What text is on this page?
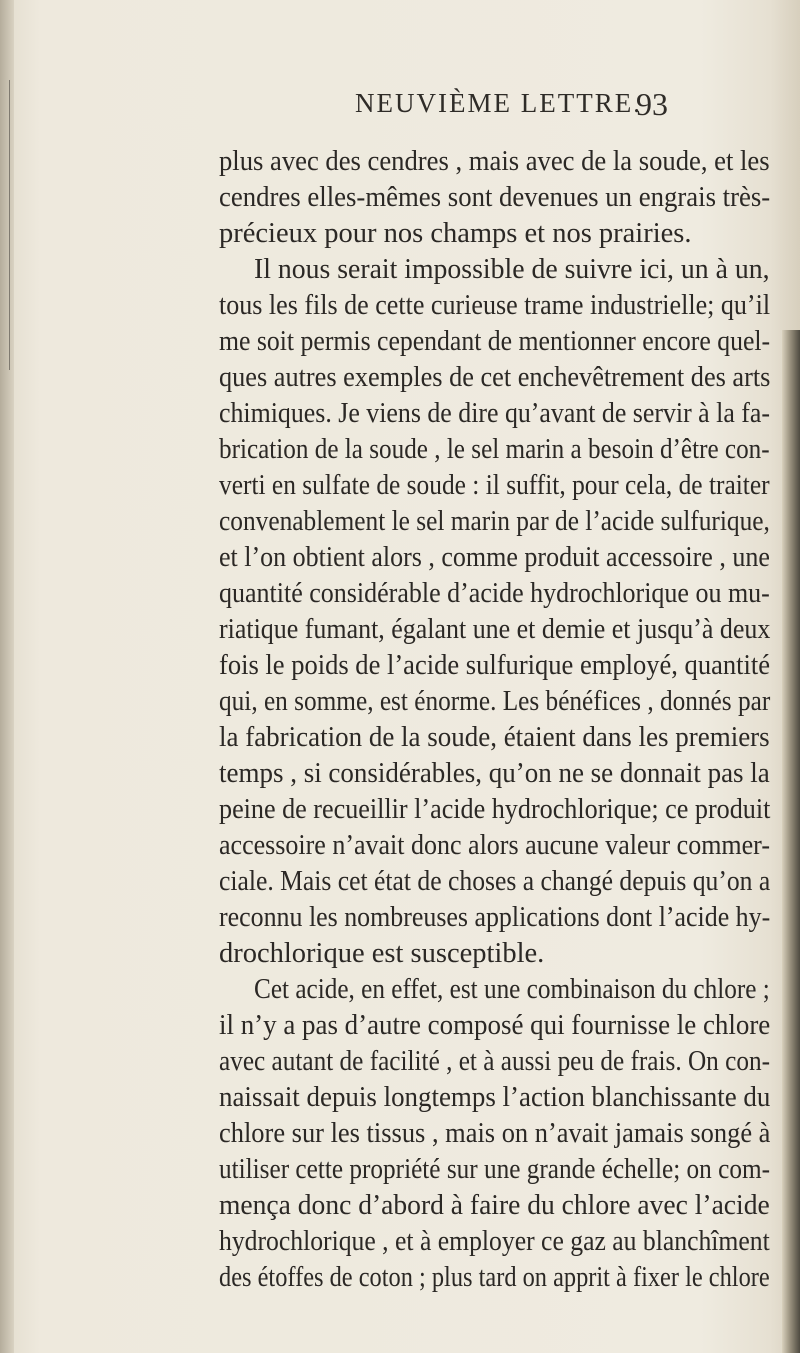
NEUVIÈME LETTRE.
93
plus avec des cendres , mais avec de la soude, et les
cendres elles-mêmes sont devenues un engrais très-
précieux pour nos champs et nos prairies.
Il nous serait impossible de suivre ici, un à un,
tous les fils de cette curieuse trame industrielle; qu’il
me soit permis cependant de mentionner encore quel-
ques autres exemples de cet enchevêtrement des arts
chimiques. Je viens de dire qu’avant de servir à la fa-
brication de la soude , le sel marin a besoin d’être con-
verti en sulfate de soude : il suffit, pour cela, de traiter
convenablement le sel marin par de l’acide sulfurique,
et l’on obtient alors , comme produit accessoire , une
quantité considérable d’acide hydrochlorique ou mu-
riatique fumant, égalant une et demie et jusqu’à deux
fois le poids de l’acide sulfurique employé, quantité
qui, en somme, est énorme. Les bénéfices , donnés par
la fabrication de la soude, étaient dans les premiers
temps , si considérables, qu’on ne se donnait pas la
peine de recueillir l’acide hydrochlorique; ce produit
accessoire n’avait donc alors aucune valeur commer-
ciale. Mais cet état de choses a changé depuis qu’on a
reconnu les nombreuses applications dont l’acide hy-
drochlorique est susceptible.
Cet acide, en effet, est une combinaison du chlore ;
il n’y a pas d’autre composé qui fournisse le chlore
avec autant de facilité , et à aussi peu de frais. On con-
naissait depuis longtemps l’action blanchissante du
chlore sur les tissus , mais on n’avait jamais songé à
utiliser cette propriété sur une grande échelle; on com-
mença donc d’abord à faire du chlore avec l’acide
hydrochlorique , et à employer ce gaz au blanchîment
des étoffes de coton ; plus tard on apprit à fixer le chlore
